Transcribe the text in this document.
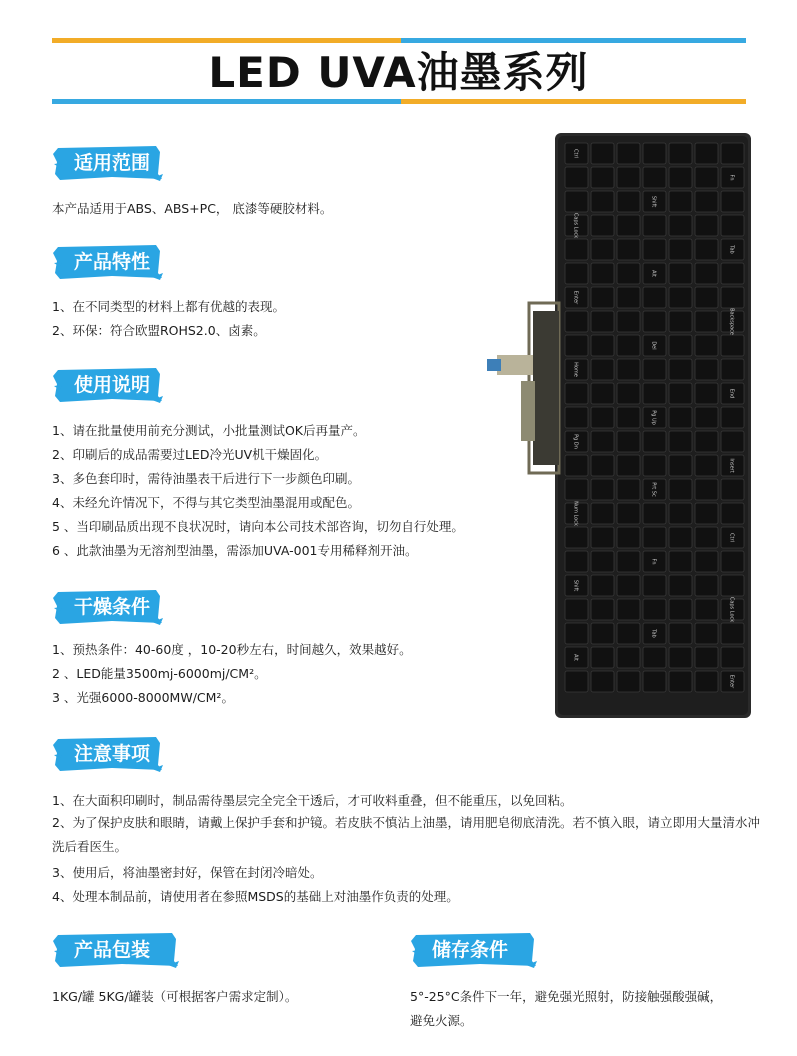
LED UVA油墨系列
适用范围
本产品适用于ABS、ABS+PC， 底漆等硬胶材料。
产品特性
1、在不同类型的材料上都有优越的表现。
2、环保：符合欧盟ROHS2.0、卤素。
使用说明
1、请在批量使用前充分测试，小批量测试OK后再量产。
2、印刷后的成品需要过LED冷光UV机干燥固化。
3、多色套印时，需待油墨表干后进行下一步颜色印刷。
4、未经允许情况下，不得与其它类型油墨混用或配色。
5 、当印刷品质出现不良状况时，请向本公司技术部咨询，切勿自行处理。
6 、此款油墨为无溶剂型油墨，需添加UVA-001专用稀释剂开油。
干燥条件
1、预热条件：40-60度 ，10-20秒左右，时间越久，效果越好。
2 、LED能量3500mj-6000mj/CM²。
3 、光强6000-8000MW/CM²。
注意事项
1、在大面积印刷时，制品需待墨层完全完全干透后，才可收料重叠，但不能重压，以免回粘。
2、为了保护皮肤和眼睛，请戴上保护手套和护镜。若皮肤不慎沾上油墨，请用肥皂彻底清洗。若不慎入眼，请立即用大量清水冲洗后看医生。
3、使用后，将油墨密封好，保管在封闭冷暗处。
4、处理本制品前，请使用者在参照MSDS的基础上对油墨作负责的处理。
产品包装
1KG/罐 5KG/罐装（可根据客户需求定制）。
储存条件
5°-25°C条件下一年，避免强光照射，防接触强酸强碱，
避免火源。
Ctrl
Fn
Shift
Caps Lock
Tab
Alt
Enter
Backspace
Del
Home
End
Pg Up
Pg Dn
Insert
Prt Sc
Num Lock
Ctrl
Fn
Shift
Caps Lock
Tab
Alt
Enter
